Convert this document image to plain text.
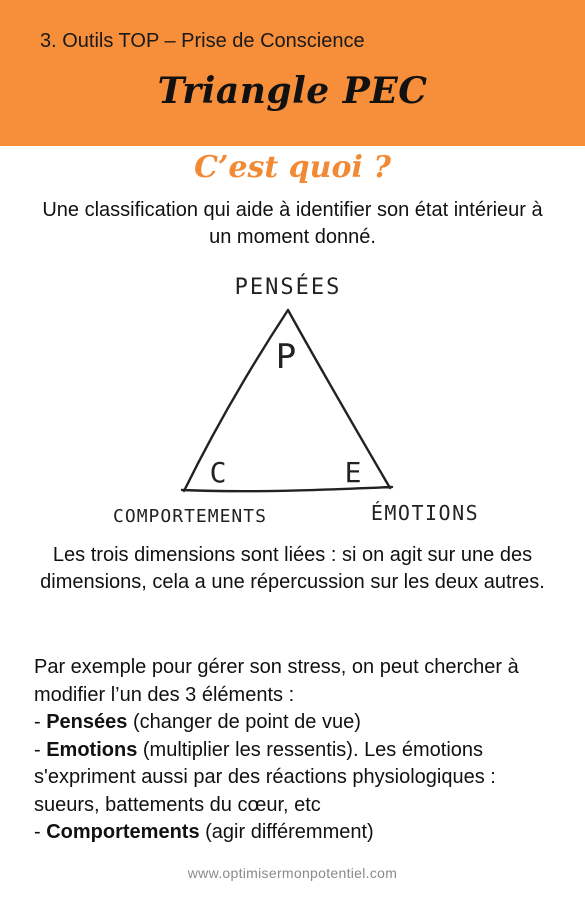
3. Outils TOP – Prise de Conscience
Triangle PEC
C’est quoi ?
Une classification qui aide à identifier son état intérieur à un moment donné.
PENSÉES
P
C	E
COMPORTEMENTS	ÉMOTIONS
Les trois dimensions sont liées : si on agit sur une des dimensions, cela a une répercussion sur les deux autres.

Par exemple pour gérer son stress, on peut chercher à modifier l’un des 3 éléments :

- Pensées (changer de point de vue)

- Emotions (multiplier les ressentis). Les émotions s'expriment aussi par des réactions physiologiques : sueurs, battements du cœur, etc

- Comportements (agir différemment)

www.optimisermonpotentiel.com
